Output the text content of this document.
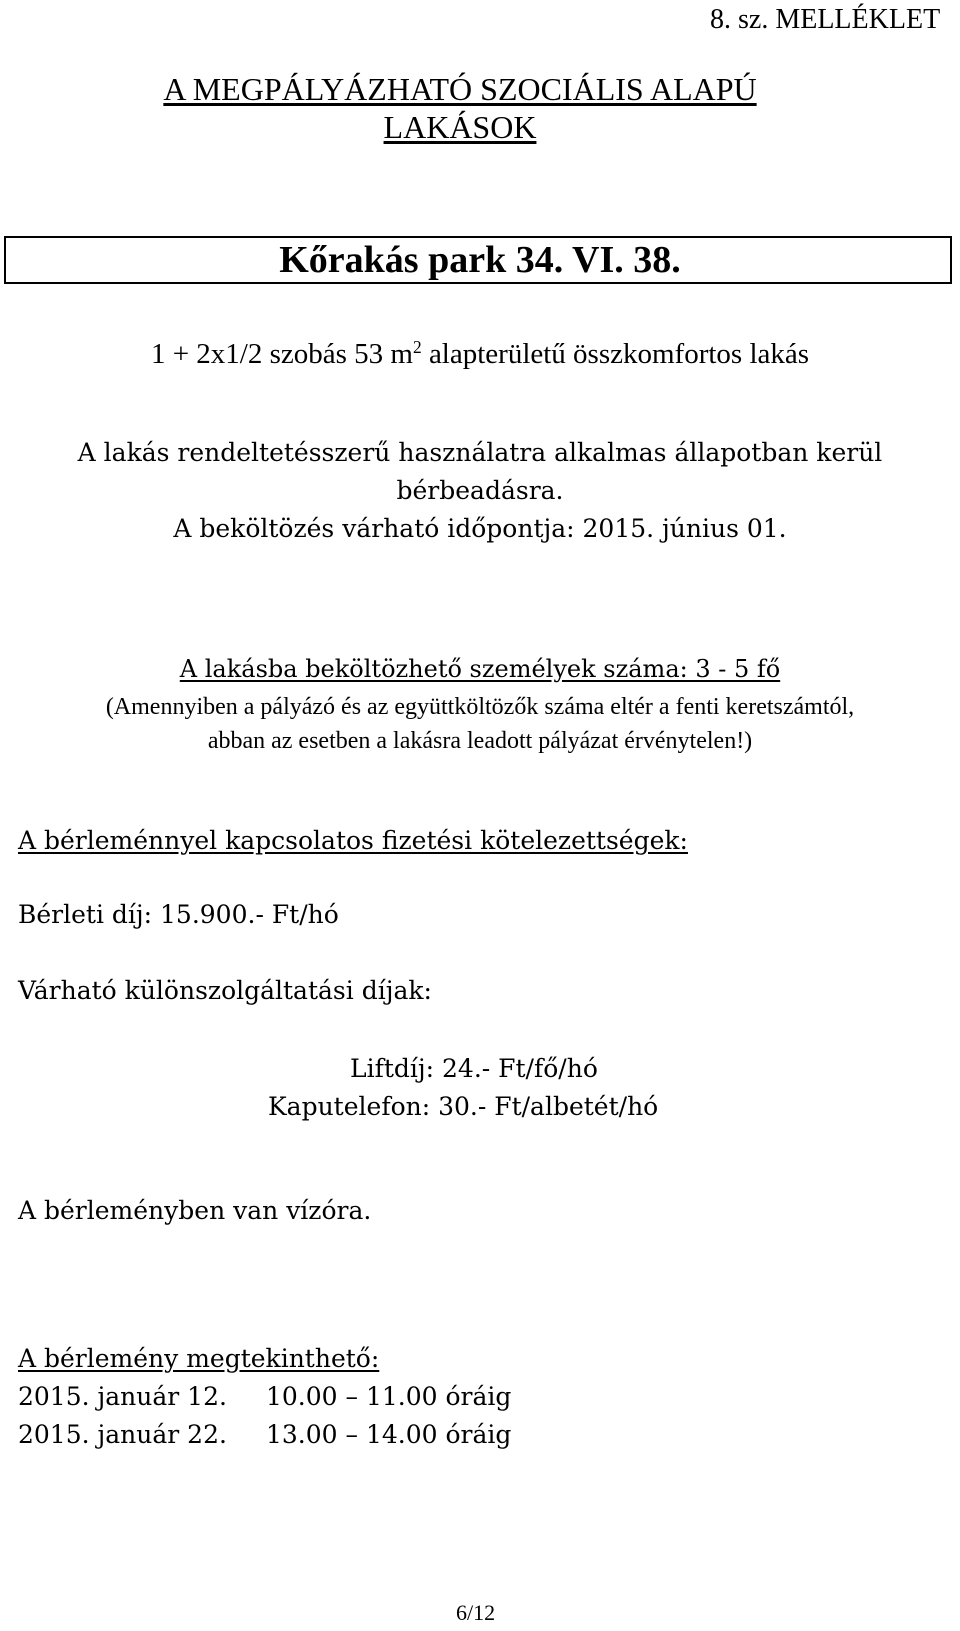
8. sz. MELLÉKLET
A MEGPÁLYÁZHATÓ SZOCIÁLIS ALAPÚ
LAKÁSOK
Kőrakás park 34. VI. 38.
1 + 2x1/2 szobás 53 $m^2$ alapterületű összkomfortos lakás
A lakás rendeltetésszerű használatra alkalmas állapotban kerül
bérbeadásra.
A beköltözés várható időpontja: 2015. június 01.
A lakásba beköltözhető személyek száma: 3 - 5 fő
(Amennyiben a pályázó és az együttköltözők száma eltér a fenti keretszámtól,
abban az esetben a lakásra leadott pályázat érvénytelen!)
A bérleménnyel kapcsolatos fizetési kötelezettségek:
Bérleti díj: 15.900.- Ft/hó
Várható különszolgáltatási díjak:
Liftdíj: 24.- Ft/fő/hó
Kaputelefon: 30.- Ft/albetét/hó
A bérleményben van vízóra.
A bérlemény megtekinthető:
2015. január 12. 10.00 – 11.00 óráig
2015. január 22. 13.00 – 14.00 óráig
6/12
